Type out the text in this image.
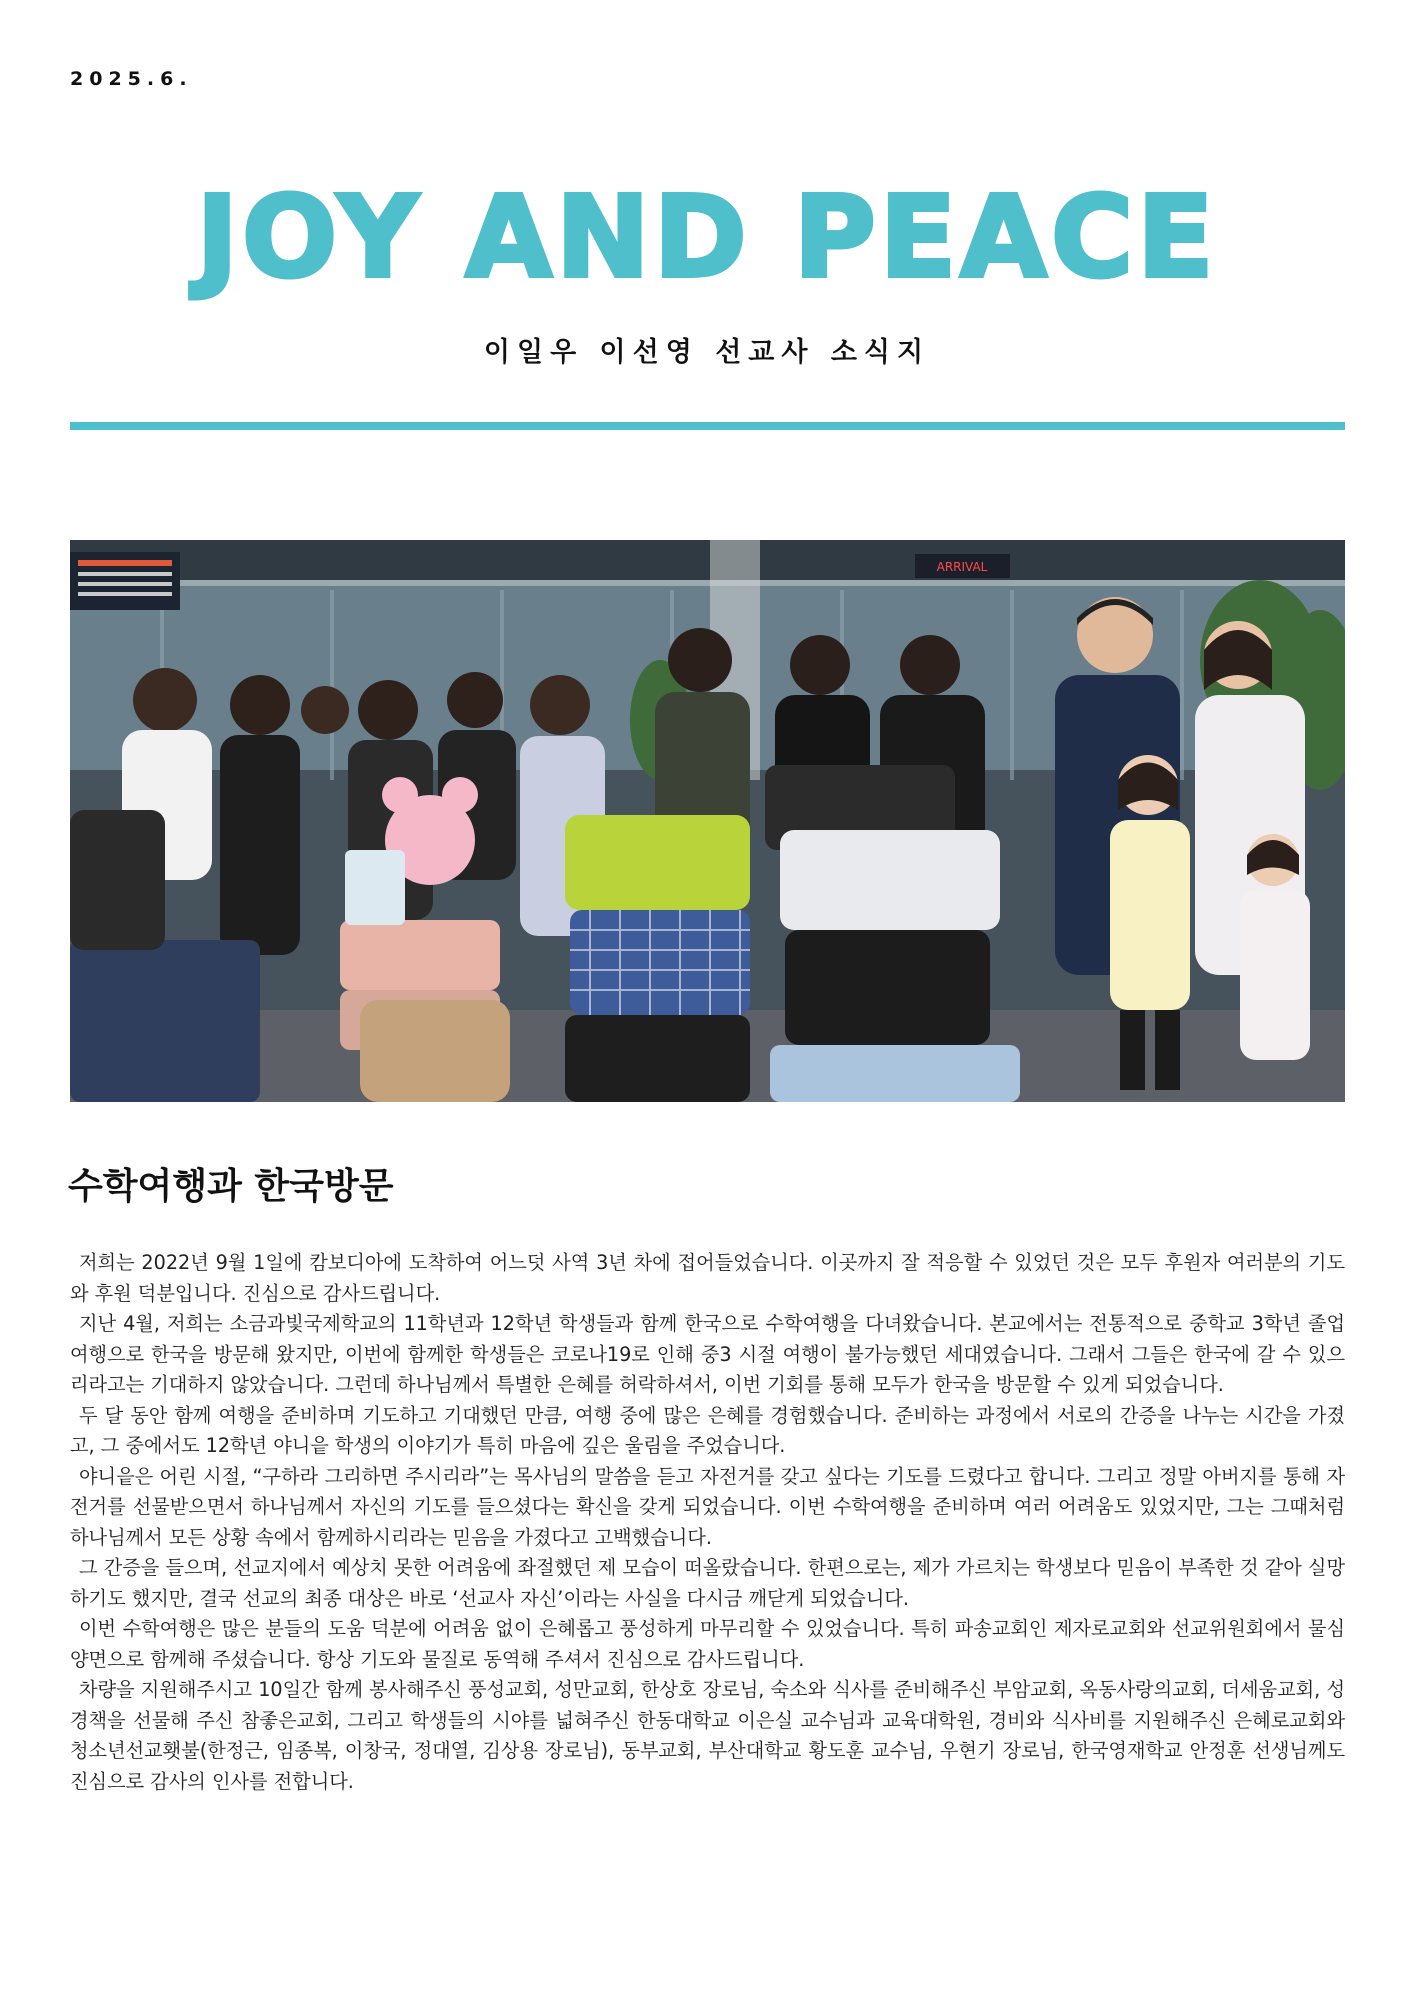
2025.6.
JOY AND PEACE
이일우 이선영 선교사 소식지
ARRIVAL
수학여행과 한국방문

저희는 2022년 9월 1일에 캄보디아에 도착하여 어느덧 사역 3년 차에 접어들었습니다. 이곳까지 잘 적응할 수 있었던 것은 모두 후원자 여러분의 기도와 후원 덕분입니다. 진심으로 감사드립니다.

지난 4월, 저희는 소금과빛국제학교의 11학년과 12학년 학생들과 함께 한국으로 수학여행을 다녀왔습니다. 본교에서는 전통적으로 중학교 3학년 졸업여행으로 한국을 방문해 왔지만, 이번에 함께한 학생들은 코로나19로 인해 중3 시절 여행이 불가능했던 세대였습니다. 그래서 그들은 한국에 갈 수 있으리라고는 기대하지 않았습니다. 그런데 하나님께서 특별한 은혜를 허락하셔서, 이번 기회를 통해 모두가 한국을 방문할 수 있게 되었습니다.

두 달 동안 함께 여행을 준비하며 기도하고 기대했던 만큼, 여행 중에 많은 은혜를 경험했습니다. 준비하는 과정에서 서로의 간증을 나누는 시간을 가졌고, 그 중에서도 12학년 야니읕 학생의 이야기가 특히 마음에 깊은 울림을 주었습니다.

야니읕은 어린 시절, “구하라 그리하면 주시리라”는 목사님의 말씀을 듣고 자전거를 갖고 싶다는 기도를 드렸다고 합니다. 그리고 정말 아버지를 통해 자전거를 선물받으면서 하나님께서 자신의 기도를 들으셨다는 확신을 갖게 되었습니다. 이번 수학여행을 준비하며 여러 어려움도 있었지만, 그는 그때처럼 하나님께서 모든 상황 속에서 함께하시리라는 믿음을 가졌다고 고백했습니다.

그 간증을 들으며, 선교지에서 예상치 못한 어려움에 좌절했던 제 모습이 떠올랐습니다. 한편으로는, 제가 가르치는 학생보다 믿음이 부족한 것 같아 실망하기도 했지만, 결국 선교의 최종 대상은 바로 ‘선교사 자신’이라는 사실을 다시금 깨닫게 되었습니다.

이번 수학여행은 많은 분들의 도움 덕분에 어려움 없이 은혜롭고 풍성하게 마무리할 수 있었습니다. 특히 파송교회인 제자로교회와 선교위원회에서 물심양면으로 함께해 주셨습니다. 항상 기도와 물질로 동역해 주셔서 진심으로 감사드립니다.

차량을 지원해주시고 10일간 함께 봉사해주신 풍성교회, 성만교회, 한상호 장로님, 숙소와 식사를 준비해주신 부암교회, 옥동사랑의교회, 더세움교회, 성경책을 선물해 주신 참좋은교회, 그리고 학생들의 시야를 넓혀주신 한동대학교 이은실 교수님과 교육대학원, 경비와 식사비를 지원해주신 은혜로교회와 청소년선교횃불(한정근, 임종복, 이창국, 정대열, 김상용 장로님), 동부교회, 부산대학교 황도훈 교수님, 우현기 장로님, 한국영재학교 안정훈 선생님께도 진심으로 감사의 인사를 전합니다.
